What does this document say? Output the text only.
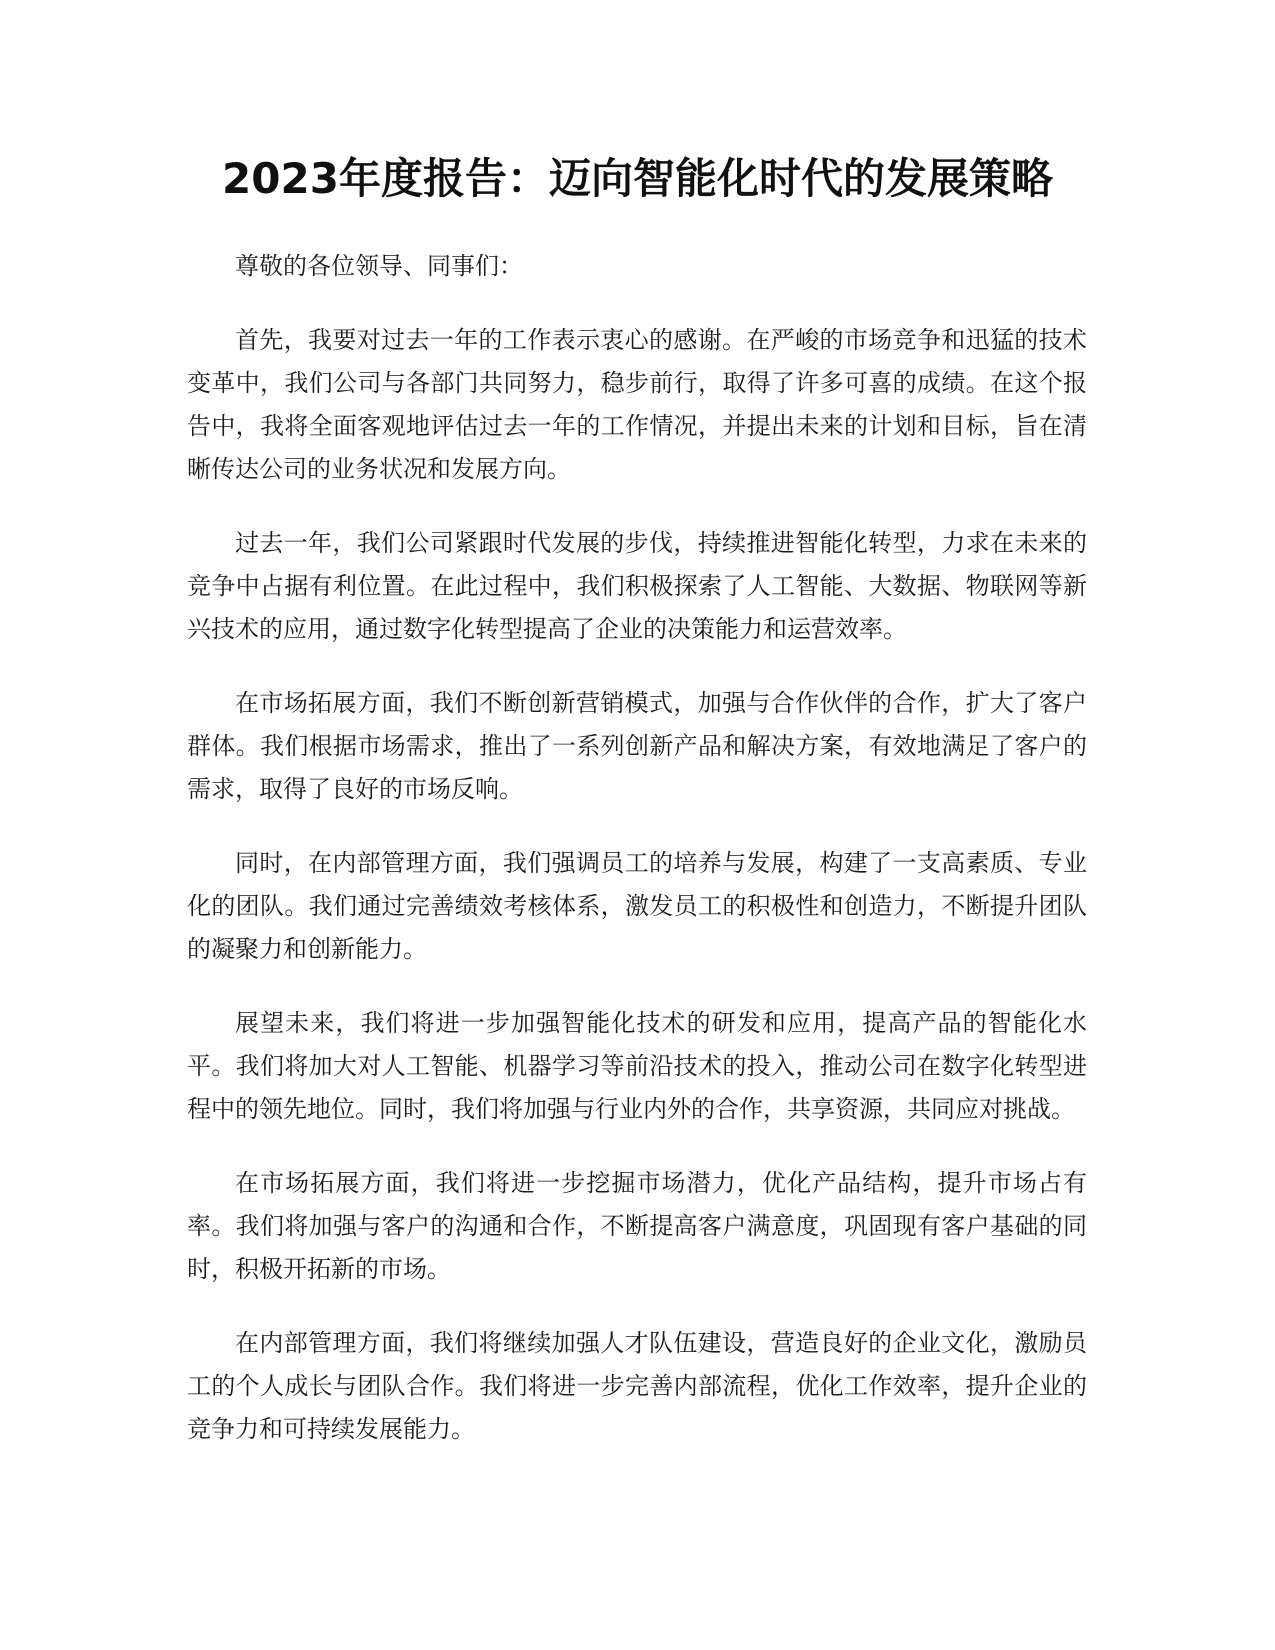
2023年度报告：迈向智能化时代的发展策略

尊敬的各位领导、同事们：

首先，我要对过去一年的工作表示衷心的感谢。在严峻的市场竞争和迅猛的技术变革中，我们公司与各部门共同努力，稳步前行，取得了许多可喜的成绩。在这个报告中，我将全面客观地评估过去一年的工作情况，并提出未来的计划和目标，旨在清晰传达公司的业务状况和发展方向。

过去一年，我们公司紧跟时代发展的步伐，持续推进智能化转型，力求在未来的竞争中占据有利位置。在此过程中，我们积极探索了人工智能、大数据、物联网等新兴技术的应用，通过数字化转型提高了企业的决策能力和运营效率。

在市场拓展方面，我们不断创新营销模式，加强与合作伙伴的合作，扩大了客户群体。我们根据市场需求，推出了一系列创新产品和解决方案，有效地满足了客户的需求，取得了良好的市场反响。

同时，在内部管理方面，我们强调员工的培养与发展，构建了一支高素质、专业化的团队。我们通过完善绩效考核体系，激发员工的积极性和创造力，不断提升团队的凝聚力和创新能力。

展望未来，我们将进一步加强智能化技术的研发和应用，提高产品的智能化水平。我们将加大对人工智能、机器学习等前沿技术的投入，推动公司在数字化转型进程中的领先地位。同时，我们将加强与行业内外的合作，共享资源，共同应对挑战。

在市场拓展方面，我们将进一步挖掘市场潜力，优化产品结构，提升市场占有率。我们将加强与客户的沟通和合作，不断提高客户满意度，巩固现有客户基础的同时，积极开拓新的市场。

在内部管理方面，我们将继续加强人才队伍建设，营造良好的企业文化，激励员工的个人成长与团队合作。我们将进一步完善内部流程，优化工作效率，提升企业的竞争力和可持续发展能力。
